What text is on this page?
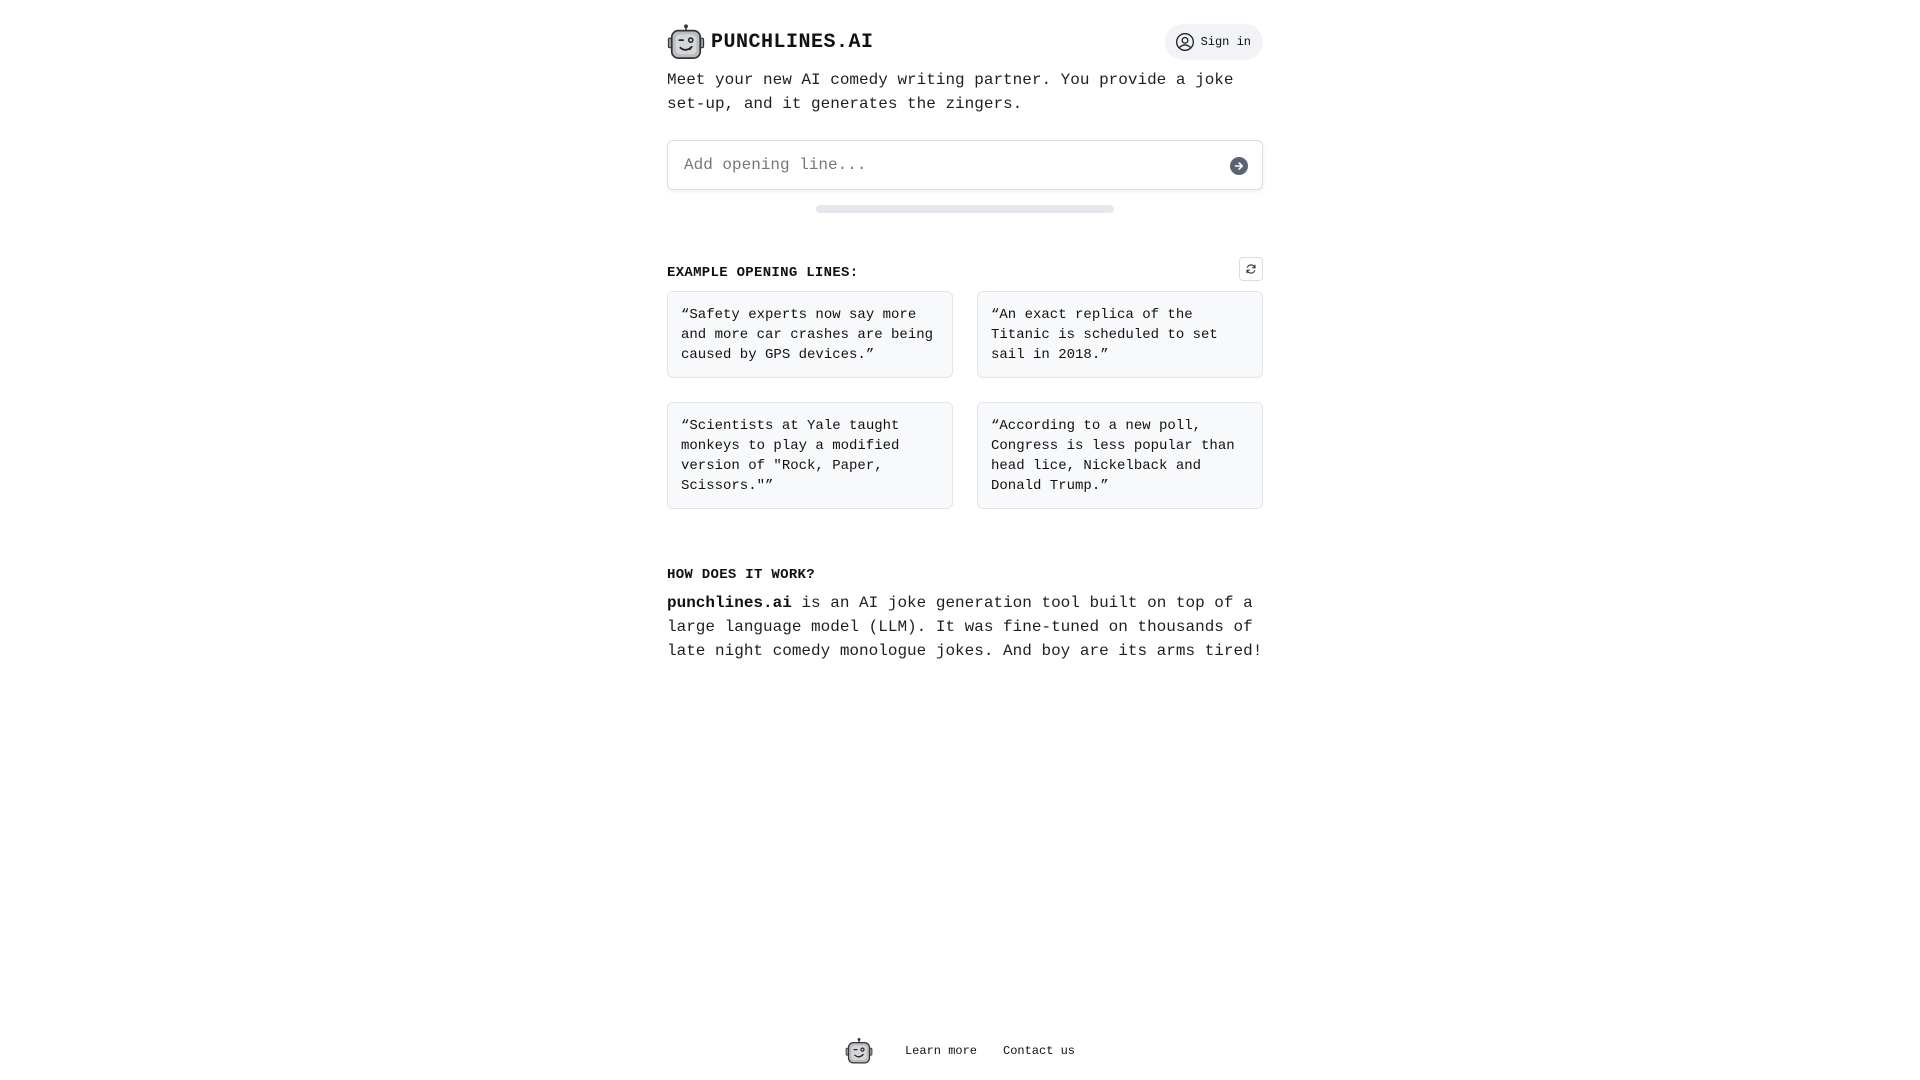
PUNCHLINES.AI	Sign in

Meet your new AI comedy writing partner. You provide a joke set-up, and it generates the zingers.

Add opening line...
EXAMPLE OPENING LINES:
“Safety experts now say more and more car crashes are being caused by GPS devices.”
“An exact replica of the Titanic is scheduled to set sail in 2018.”
“Scientists at Yale taught monkeys to play a modified version of "Rock, Paper, Scissors."”
“According to a new poll, Congress is less popular than head lice, Nickelback and Donald Trump.”
HOW DOES IT WORK?

punchlines.ai is an AI joke generation tool built on top of a large language model (LLM). It was fine-tuned on thousands of late night comedy monologue jokes. And boy are its arms tired!

Learn more Contact us
